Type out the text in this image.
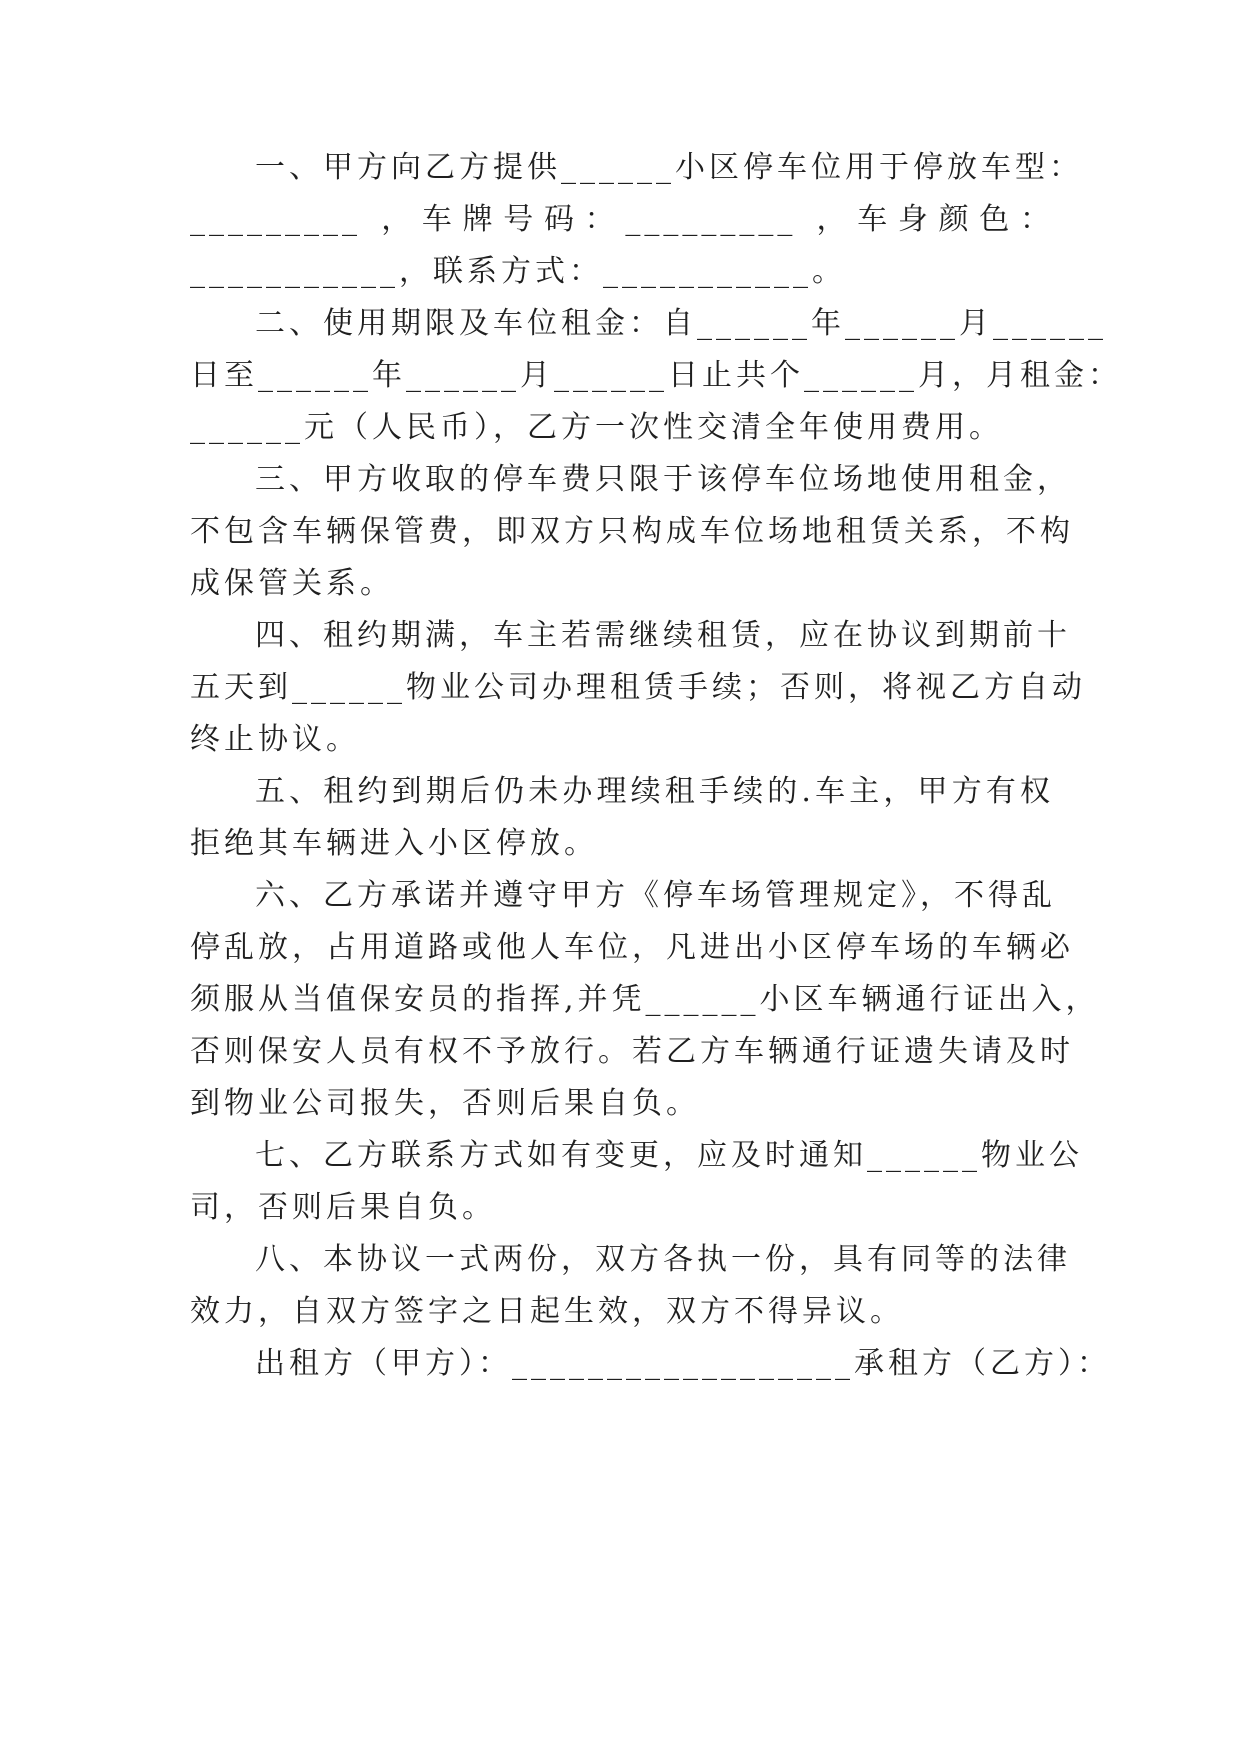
一、甲方向乙方提供______小区停车位用于停放车型：
_________ ，车牌号码：_________ ，车身颜色：
___________，联系方式：___________。
二、使用期限及车位租金：自______年______月______
日至______年______月______日止共个______月，月租金：
______元（人民币），乙方一次性交清全年使用费用。
三、甲方收取的停车费只限于该停车位场地使用租金，
不包含车辆保管费，即双方只构成车位场地租赁关系，不构
成保管关系。
四、租约期满，车主若需继续租赁，应在协议到期前十
五天到______物业公司办理租赁手续；否则，将视乙方自动
终止协议。
五、租约到期后仍未办理续租手续的.车主，甲方有权
拒绝其车辆进入小区停放。
六、乙方承诺并遵守甲方《停车场管理规定》，不得乱
停乱放，占用道路或他人车位，凡进出小区停车场的车辆必
须服从当值保安员的指挥,并凭______小区车辆通行证出入，
否则保安人员有权不予放行。若乙方车辆通行证遗失请及时
到物业公司报失，否则后果自负。
七、乙方联系方式如有变更，应及时通知______物业公
司，否则后果自负。
八、本协议一式两份，双方各执一份，具有同等的法律
效力，自双方签字之日起生效，双方不得异议。
出租方（甲方）：__________________承租方（乙方）：
